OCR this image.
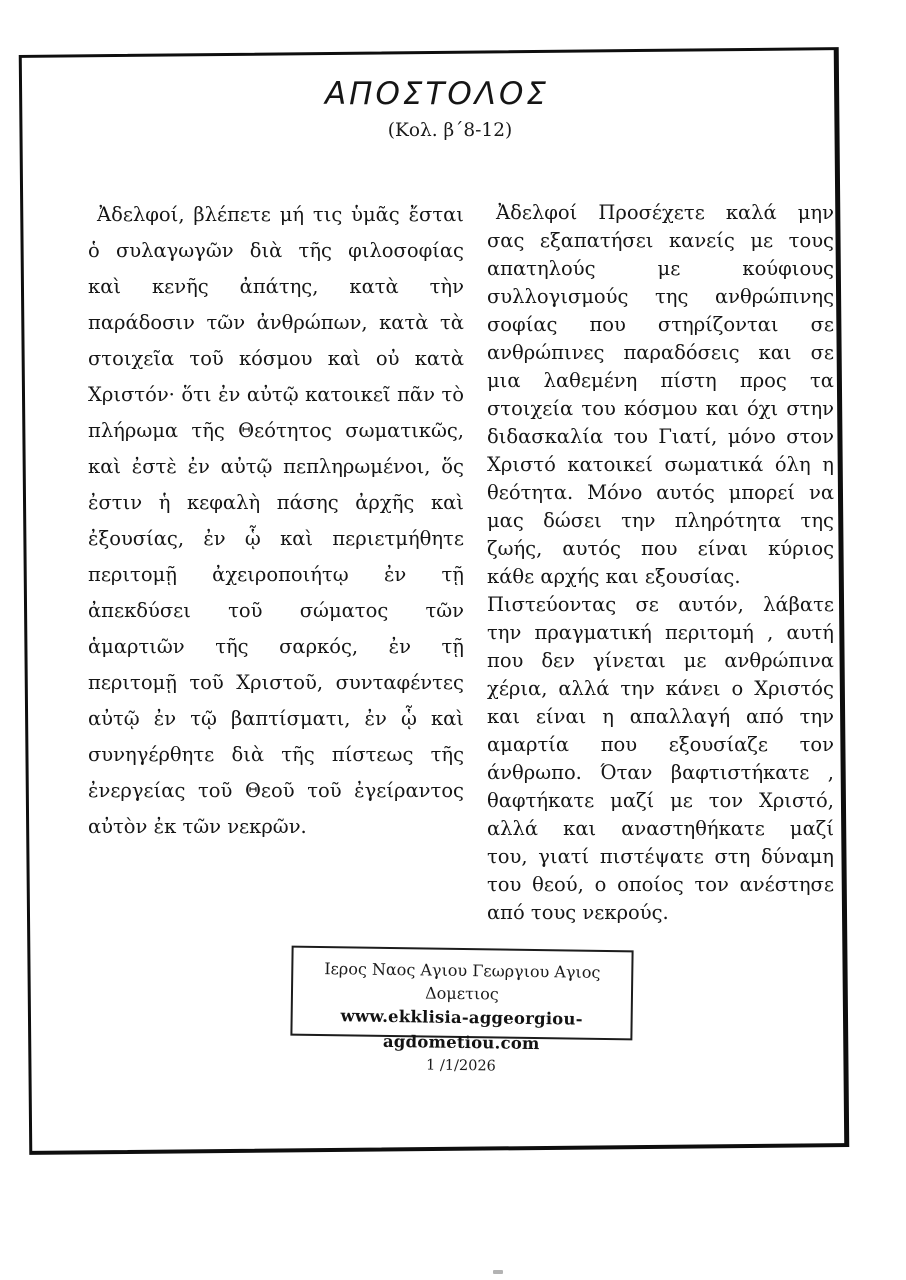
ΑΠΟΣΤΟΛΟΣ
(Κολ. β΄8-12)
Ἀδελφοί, βλέπετε μή τις ὑμᾶς ἔσται
ὁ συλαγωγῶν διὰ τῆς φιλοσοφίας
καὶ κενῆς ἀπάτης, κατὰ τὴν
παράδοσιν τῶν ἀνθρώπων, κατὰ τὰ
στοιχεῖα τοῦ κόσμου καὶ οὐ κατὰ
Χριστόν· ὅτι ἐν αὐτῷ κατοικεῖ πᾶν τὸ
πλήρωμα τῆς Θεότητος σωματικῶς,
καὶ ἐστὲ ἐν αὐτῷ πεπληρωμένοι, ὅς
ἐστιν ἡ κεφαλὴ πάσης ἀρχῆς καὶ
ἐξουσίας, ἐν ᾧ καὶ περιετμήθητε
περιτομῇ ἀχειροποιήτῳ ἐν τῇ
ἀπεκδύσει τοῦ σώματος τῶν
ἁμαρτιῶν τῆς σαρκός, ἐν τῇ
περιτομῇ τοῦ Χριστοῦ, συνταφέντες
αὐτῷ ἐν τῷ βαπτίσματι, ἐν ᾧ καὶ
συνηγέρθητε διὰ τῆς πίστεως τῆς
ἐνεργείας τοῦ Θεοῦ τοῦ ἐγείραντος
αὐτὸν ἐκ τῶν νεκρῶν.
Ἀδελφοί Προσέχετε καλά μην
σας εξαπατήσει κανείς με τους
απατηλούς	με	κούφιους
συλλογισμούς της ανθρώπινης
σοφίας που στηρίζονται σε
ανθρώπινες παραδόσεις και σε
μια λαθεμένη πίστη προς τα
στοιχεία του κόσμου και όχι στην
διδασκαλία του Γιατί, μόνο στον
Χριστό κατοικεί σωματικά όλη η
θεότητα. Μόνο αυτός μπορεί να
μας δώσει την πληρότητα της
ζωής, αυτός που είναι κύριος
κάθε αρχής και εξουσίας.
Πιστεύοντας σε αυτόν, λάβατε
την πραγματική περιτομή , αυτή
που δεν γίνεται με ανθρώπινα
χέρια, αλλά την κάνει ο Χριστός
και είναι η απαλλαγή από την
αμαρτία που εξουσίαζε τον
άνθρωπο. Όταν βαφτιστήκατε ,
θαφτήκατε μαζί με τον Χριστό,
αλλά και αναστηθήκατε μαζί
του, γιατί πιστέψατε στη δύναμη
του θεού, ο οποίος τον ανέστησε
από τους νεκρούς.
Ιερος Ναος Αγιου Γεωργιου Αγιος Δομετιος
www.ekklisia-aggeorgiou-agdometiou.com
1 /1/2026
